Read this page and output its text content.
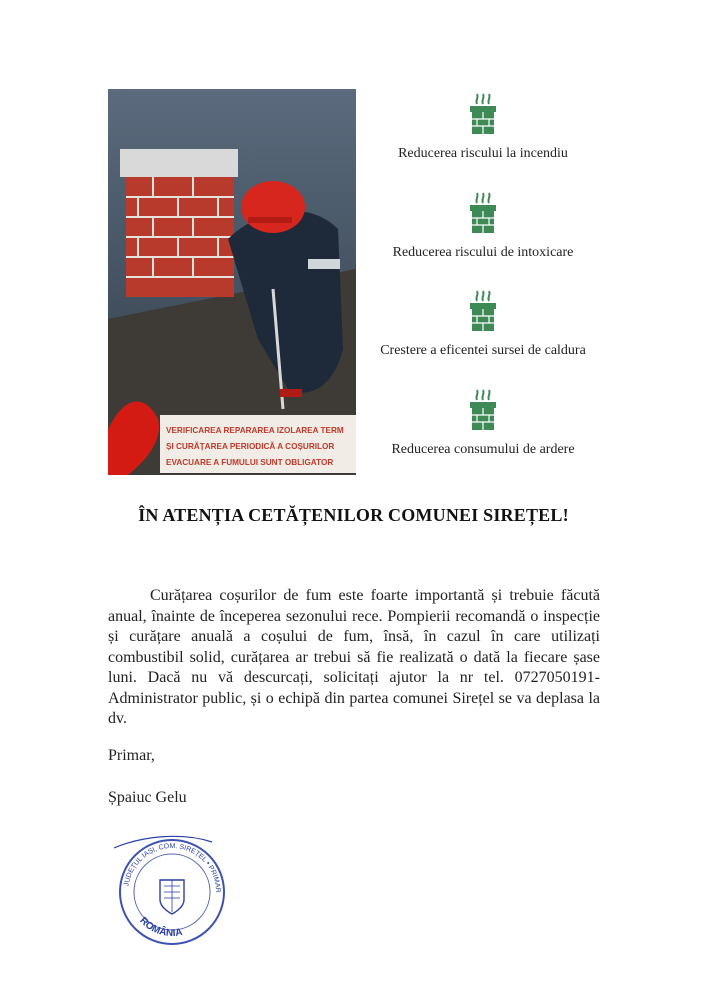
VERIFICAREA REPARAREA IZOLAREA TERM
ȘI CURĂȚAREA PERIODICĂ A COȘURILOR
EVACUARE A FUMULUI SUNT OBLIGATOR
Reducerea riscului la incendiu
Reducerea riscului de intoxicare
Crestere a eficentei sursei de caldura
Reducerea consumului de ardere
ÎN ATENȚIA CETĂȚENILOR COMUNEI SIREȚEL!
Curățarea coșurilor de fum este foarte importantă și trebuie făcută anual, înainte de începerea sezonului rece. Pompierii recomandă o inspecție și curățare anuală a coșului de fum, însă, în cazul în care utilizați combustibil solid, curățarea ar trebui să fie realizată o dată la fiecare șase luni. Dacă nu vă descurcați, solicitați ajutor la nr tel. 0727050191- Administrator public, și o echipă din partea comunei Sirețel se va deplasa la dv.
Primar,
Șpaiuc Gelu
JUDEȚUL IAȘI, COM. SIREȚEL • PRIMAR
ROMÂNIA
